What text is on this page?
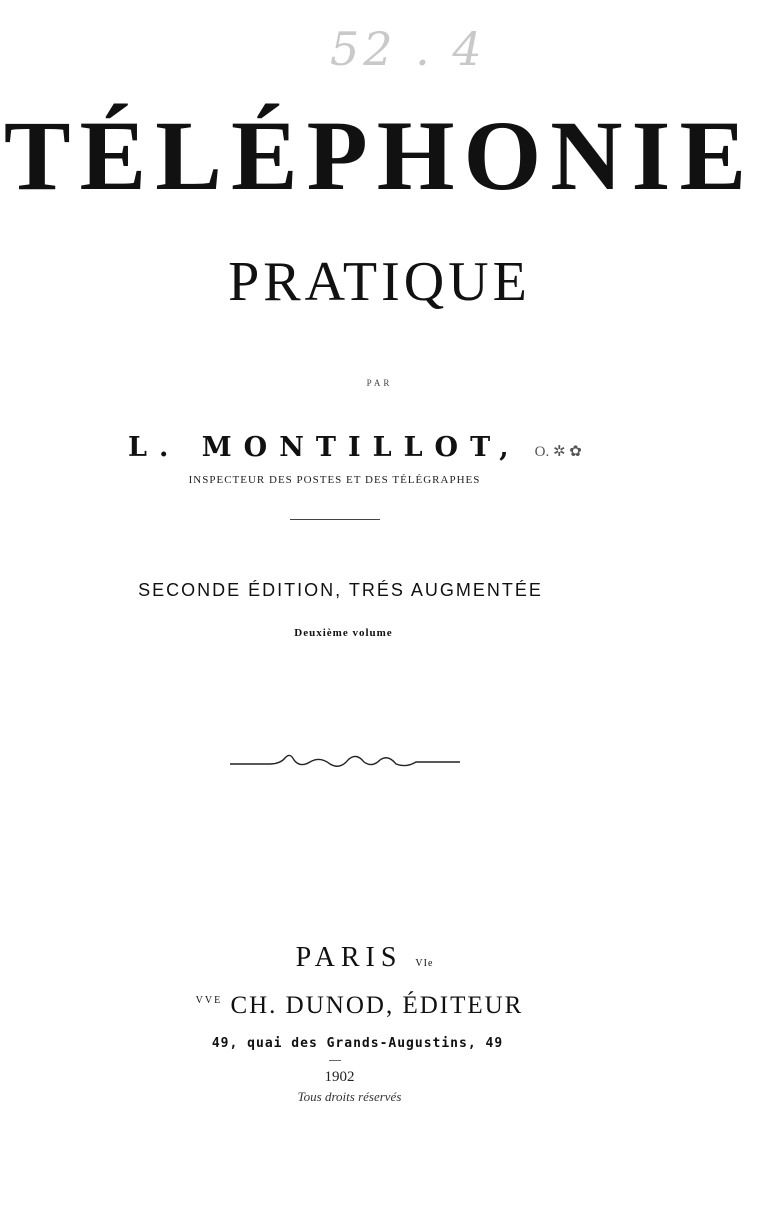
52 . 4
TÉLÉPHONIE
PRATIQUE
PAR
L. MONTILLOT, O. ✲ ✿
INSPECTEUR DES POSTES ET DES TÉLÉGRAPHES
SECONDE ÉDITION, TRÉS AUGMENTÉE
Deuxième volume
PARIS VIe
$^{VVE}$ CH. DUNOD, ÉDITEUR
49, quai des Grands-Augustins, 49
1902
Tous droits réservés
